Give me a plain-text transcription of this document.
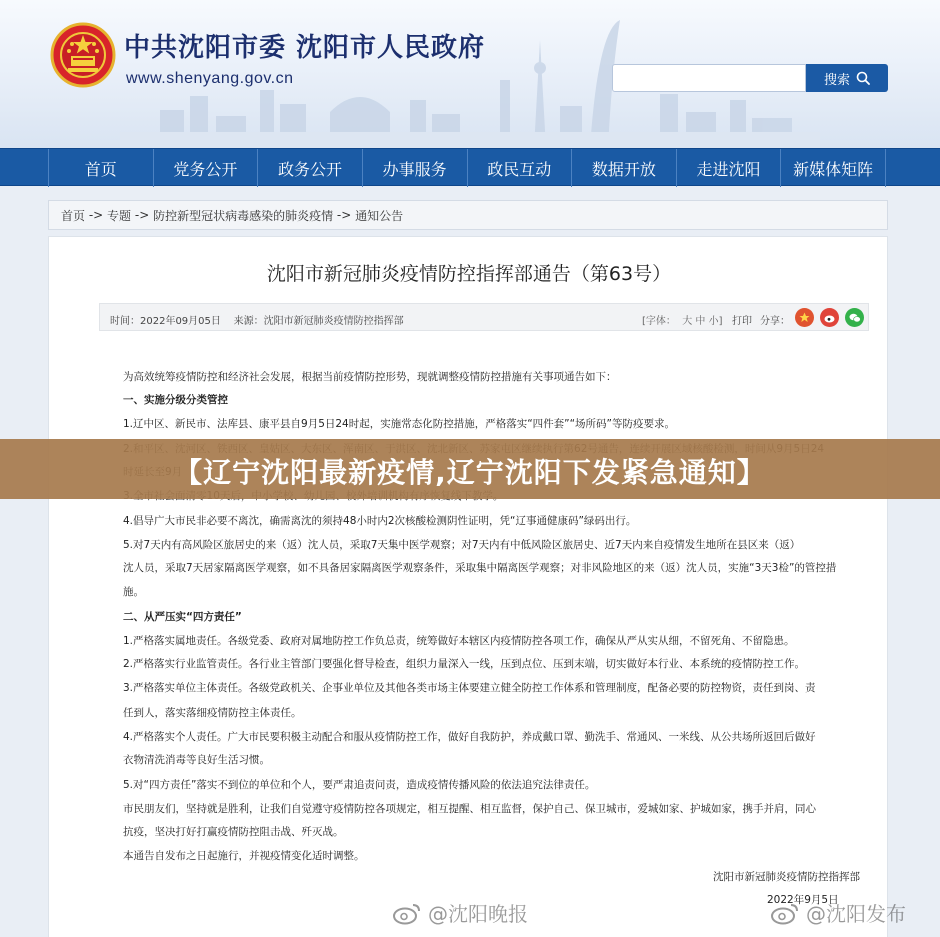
中共沈阳市委 沈阳市人民政府
www.shenyang.gov.cn	搜索
首页	党务公开	政务公开	办事服务	政民互动	数据开放	走进沈阳	新媒体矩阵
首页 -> 专题 -> 防控新型冠状病毒感染的肺炎疫情 -> 通知公告
沈阳市新冠肺炎疫情防控指挥部通告（第63号）
时间：2022年09月05日    来源：沈阳市新冠肺炎疫情防控指挥部	[字体：  大 中 小] 打印 分享：
为高效统筹疫情防控和经济社会发展，根据当前疫情防控形势，现就调整疫情防控措施有关事项通告如下：
一、实施分级分类管控
1.辽中区、新民市、法库县、康平县自9月5日24时起，实施常态化防控措施，严格落实“四件套”“场所码”等防疫要求。
4.倡导广大市民非必要不离沈，确需离沈的须持48小时内2次核酸检测阴性证明，凭“辽事通健康码”绿码出行。
5.对7天内有高风险区旅居史的来（返）沈人员，采取7天集中医学观察；对7天内有中低风险区旅居史、近7天内来自疫情发生地所在县区来（返）
沈人员，采取7天居家隔离医学观察，如不具备居家隔离医学观察条件，采取集中隔离医学观察；对非风险地区的来（返）沈人员，实施“3天3检”的管控措
施。
二、从严压实“四方责任”
1.严格落实属地责任。各级党委、政府对属地防控工作负总责，统筹做好本辖区内疫情防控各项工作，确保从严从实从细，不留死角、不留隐患。
2.严格落实行业监管责任。各行业主管部门要强化督导检查，组织力量深入一线，压到点位、压到末端，切实做好本行业、本系统的疫情防控工作。
3.严格落实单位主体责任。各级党政机关、企事业单位及其他各类市场主体要建立健全防控工作体系和管理制度，配备必要的防控物资，责任到岗、责
任到人，落实落细疫情防控主体责任。
4.严格落实个人责任。广大市民要积极主动配合和服从疫情防控工作，做好自我防护，养成戴口罩、勤洗手、常通风、一米线、从公共场所返回后做好
衣物清洗消毒等良好生活习惯。
5.对“四方责任”落实不到位的单位和个人，要严肃追责问责，造成疫情传播风险的依法追究法律责任。
市民朋友们，坚持就是胜利，让我们自觉遵守疫情防控各项规定，相互提醒、相互监督，保护自己、保卫城市，爱城如家、护城如家，携手并肩，同心
抗疫，坚决打好打赢疫情防控阻击战、歼灭战。
本通告自发布之日起施行，并视疫情变化适时调整。
沈阳市新冠肺炎疫情防控指挥部
2022年9月5日
【辽宁沈阳最新疫情,辽宁沈阳下发紧急通知】
@沈阳晚报	@沈阳发布
